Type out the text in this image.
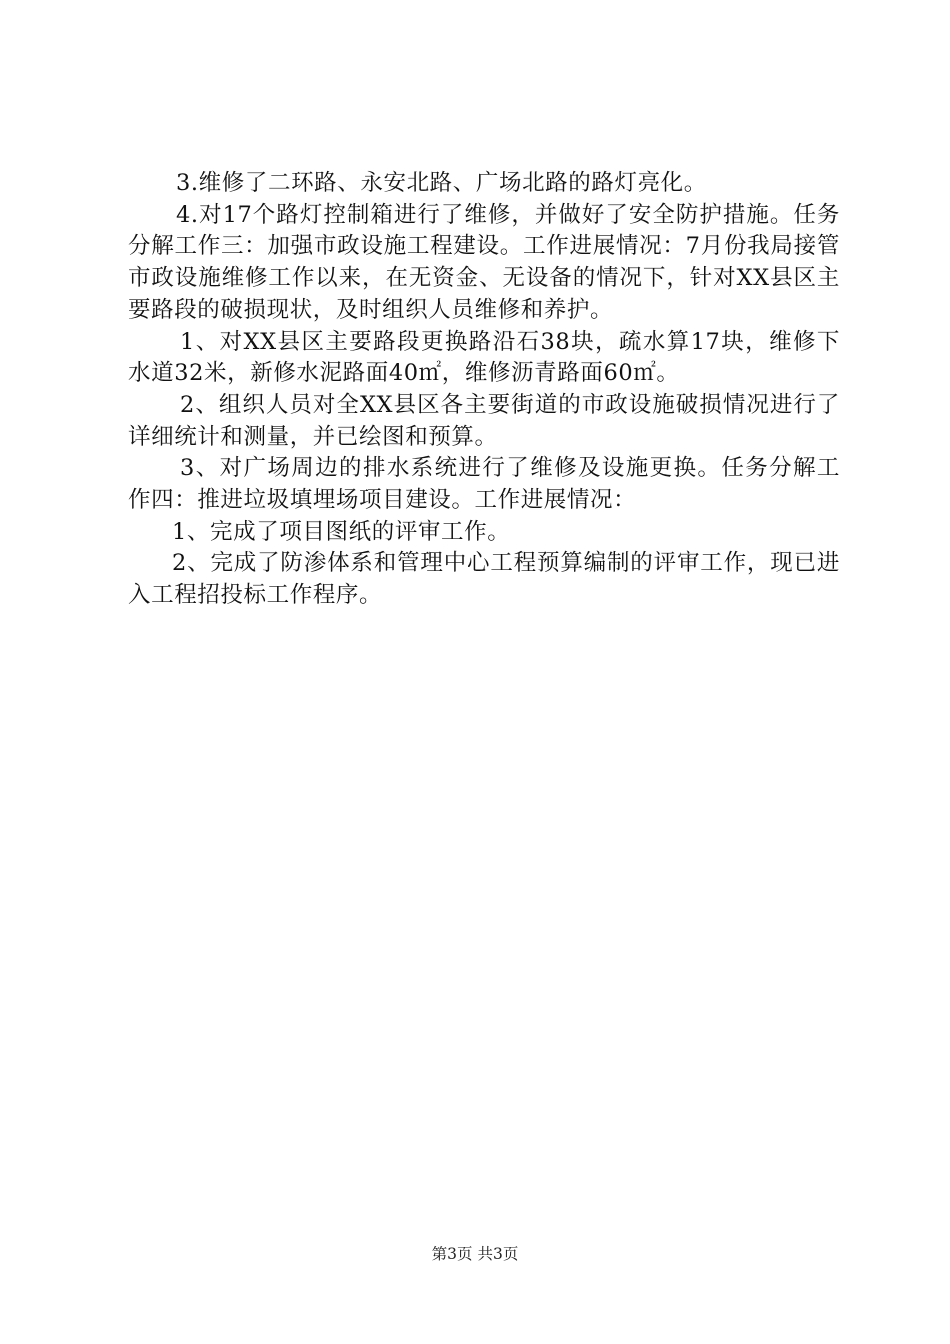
3.维修了二环路、永安北路、广场北路的路灯亮化。

4.对17个路灯控制箱进行了维修，并做好了安全防护措施。任务分解工作三：加强市政设施工程建设。工作进展情况：7月份我局接管市政设施维修工作以来，在无资金、无设备的情况下，针对XX县区主要路段的破损现状，及时组织人员维修和养护。

1、对XX县区主要路段更换路沿石38块，疏水算17块，维修下水道32米，新修水泥路面40㎡，维修沥青路面60㎡。

2、组织人员对全XX县区各主要街道的市政设施破损情况进行了详细统计和测量，并已绘图和预算。

3、对广场周边的排水系统进行了维修及设施更换。任务分解工作四：推进垃圾填埋场项目建设。工作进展情况：

1、完成了项目图纸的评审工作。

2、完成了防渗体系和管理中心工程预算编制的评审工作，现已进入工程招投标工作程序。

第3页 共3页
